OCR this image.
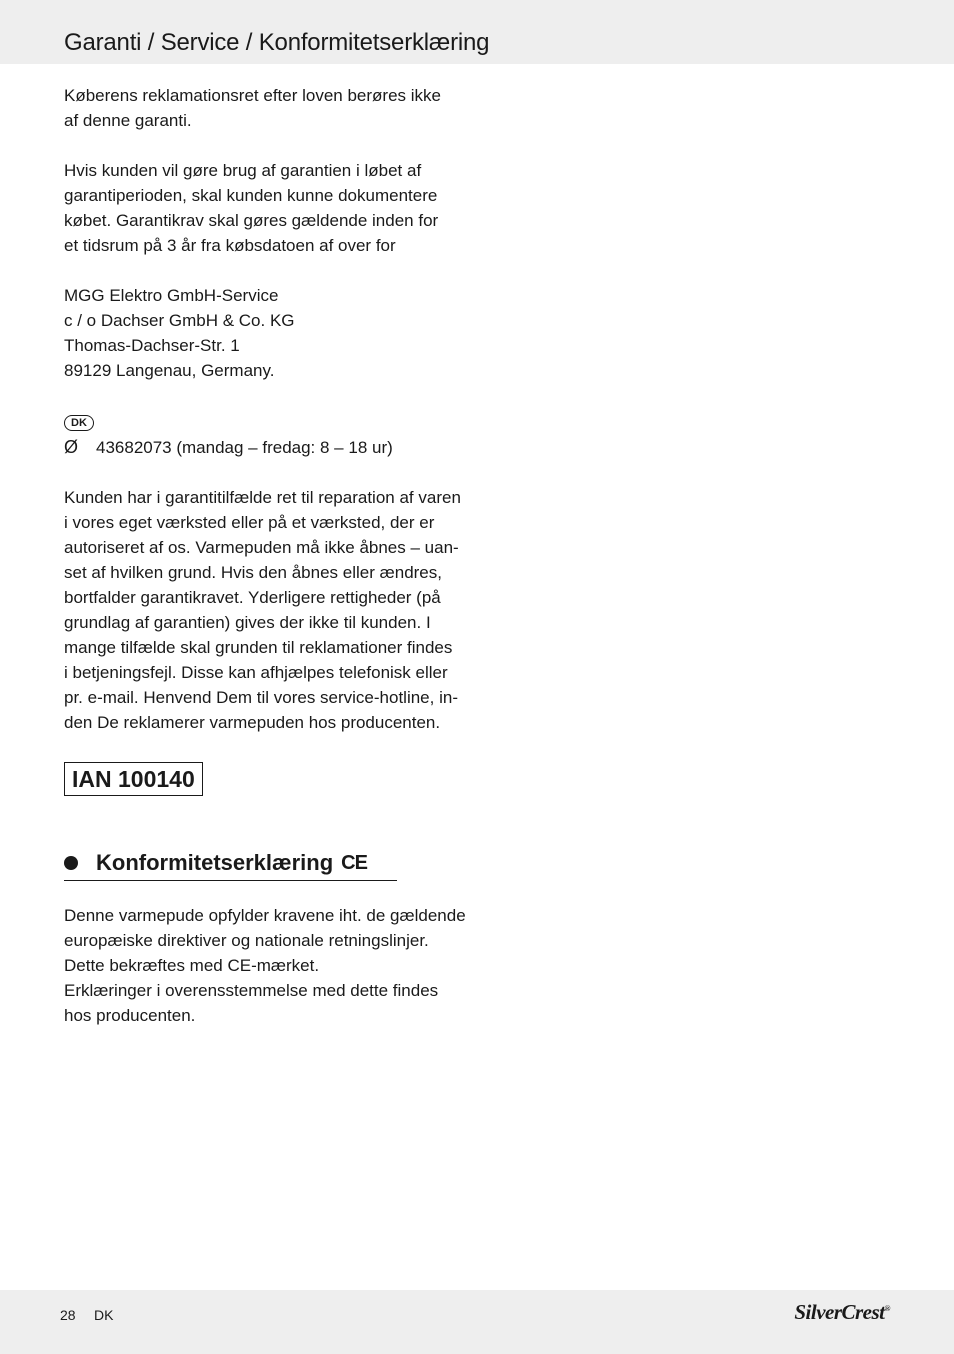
Garanti / Service / Konformitetserklæring

Køberens reklamationsret efter loven berøres ikke
af denne garanti.

Hvis kunden vil gøre brug af garantien i løbet af
garantiperioden, skal kunden kunne dokumentere
købet. Garantikrav skal gøres gældende inden for
et tidsrum på 3 år fra købsdatoen af over for

MGG Elektro GmbH-Service
c / o Dachser GmbH & Co. KG
Thomas-Dachser-Str. 1
89129 Langenau, Germany.

DK
Ø	43682073 (mandag – fredag: 8 – 18 ur)

Kunden har i garantitilfælde ret til reparation af varen
i vores eget værksted eller på et værksted, der er
autoriseret af os. Varmepuden må ikke åbnes – uan-
set af hvilken grund. Hvis den åbnes eller ændres,
bortfalder garantikravet. Yderligere rettigheder (på
grundlag af garantien) gives der ikke til kunden. I
mange tilfælde skal grunden til reklamationer findes
i betjeningsfejl. Disse kan afhjælpes telefonisk eller
pr. e-mail. Henvend Dem til vores service-hotline, in-
den De reklamerer varmepuden hos producenten.

IAN 100140
Konformitetserklæring CE

Denne varmepude opfylder kravene iht. de gældende
europæiske direktiver og nationale retningslinjer.
Dette bekræftes med CE-mærket.
Erklæringer i overensstemmelse med dette findes
hos producenten.

28 DK	SilverCrest®
